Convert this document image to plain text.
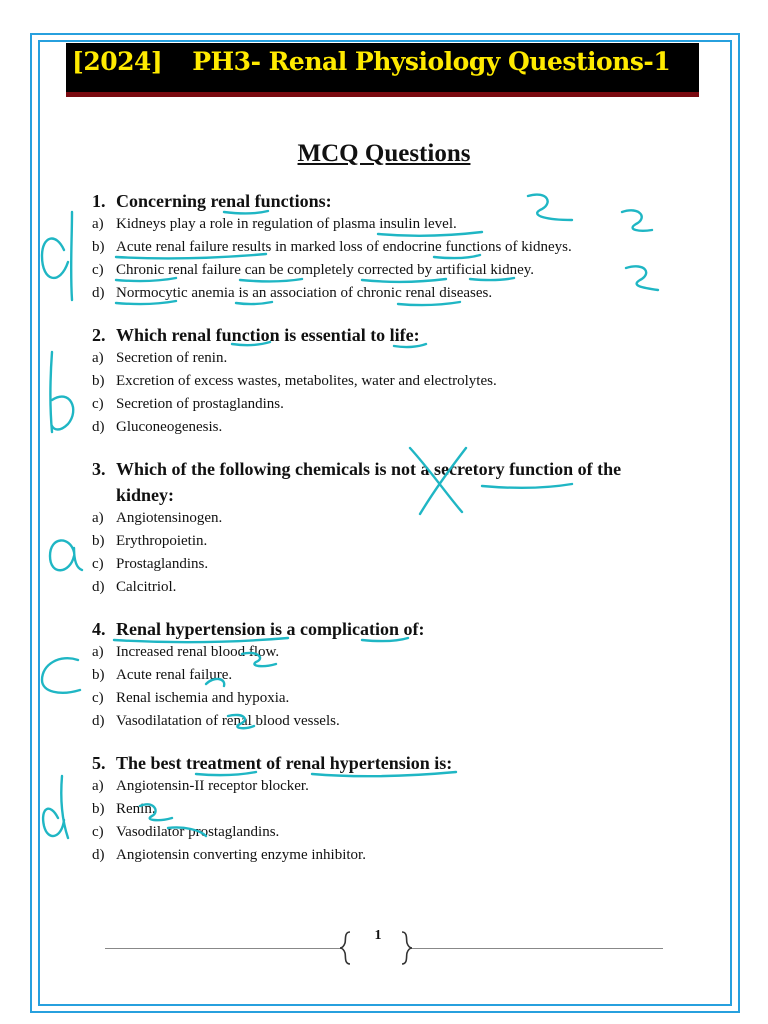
[2024] PH3- Renal Physiology Questions-1
MCQ Questions
1. Concerning renal functions:
a) Kidneys play a role in regulation of plasma insulin level.
b) Acute renal failure results in marked loss of endocrine functions of kidneys.
c) Chronic renal failure can be completely corrected by artificial kidney.
d) Normocytic anemia is an association of chronic renal diseases.
2. Which renal function is essential to life:
a) Secretion of renin.
b) Excretion of excess wastes, metabolites, water and electrolytes.
c) Secretion of prostaglandins.
d) Gluconeogenesis.
3. Which of the following chemicals is not a secretory function of the
kidney:
a) Angiotensinogen.
b) Erythropoietin.
c) Prostaglandins.
d) Calcitriol.
4. Renal hypertension is a complication of:
a) Increased renal blood flow.
b) Acute renal failure.
c) Renal ischemia and hypoxia.
d) Vasodilatation of renal blood vessels.
5. The best treatment of renal hypertension is:
a) Angiotensin-II receptor blocker.
b) Renin.
c) Vasodilator prostaglandins.
d) Angiotensin converting enzyme inhibitor.
1
